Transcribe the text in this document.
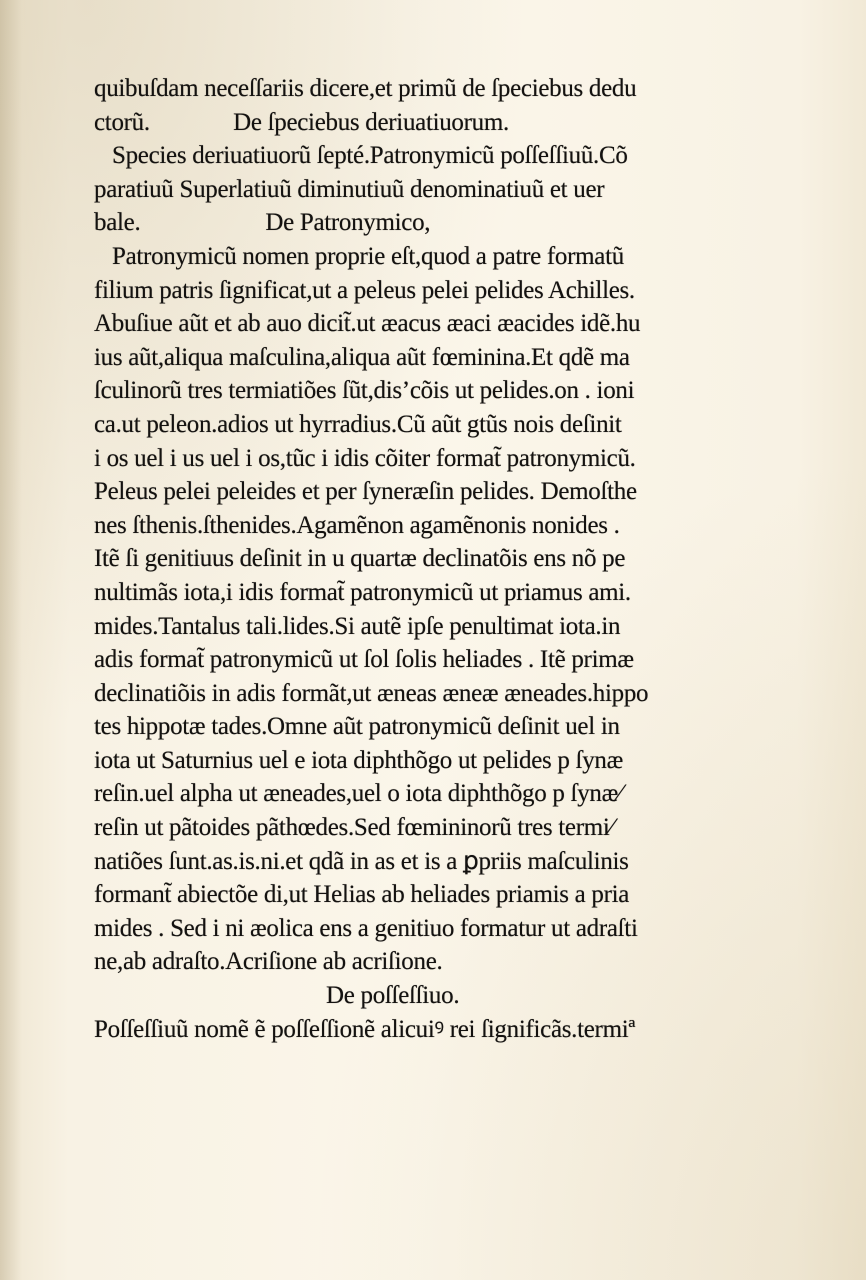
quibuſdam neceſſariis dicere,et primũ de ſpeciebus dedu
ctorũ.              De ſpeciebus deriuatiuorum.
Species deriuatiuorũ ſepté.Patronymicũ poſſeſſiuũ.Cõ
paratiuũ Superlatiuũ diminutiuũ denominatiuũ et uer
bale.                     De Patronymico,
Patronymicũ nomen proprie eſt,quod a patre formatũ
filium patris ſignificat,ut a peleus pelei pelides Achilles.
Abuſiue aũt et ab auo dicit̃.ut æacus æaci æacides idẽ.hu
ius aũt,aliqua maſculina,aliqua aũt fœminina.Et qdẽ ma
ſculinorũ tres termiatiões ſũt,dis’cõis ut pelides.on . ioni
ca.ut peleon.adios ut hyrradius.Cũ aũt gtũs nois deſinit
i os uel i us uel i os,tũc i idis cõiter format̃ patronymicũ.
Peleus pelei peleides et per ſyneræſin pelides. Demoſthe
nes ſthenis.ſthenides.Agamẽnon agamẽnonis nonides .
Itẽ ſi genitiuus deſinit in u quartæ declinatõis ens nõ pe
nultimãs iota,i idis format̃ patronymicũ ut priamus ami.
mides.Tantalus tali.lides.Si autẽ ipſe penultimat iota.in
adis format̃ patronymicũ ut ſol ſolis heliades . Itẽ primæ
declinatiõis in adis formãt,ut æneas æneæ æneades.hippo
tes hippotæ tades.Omne aũt patronymicũ deſinit uel in
iota ut Saturnius uel e iota diphthõgo ut pelides p ſynæ
reſin.uel alpha ut æneades,uel o iota diphthõgo p ſynæ⁄
reſin ut pãtoides pãthœdes.Sed fœmininorũ tres termi⁄
natiões ſunt.as.is.ni.et qdã in as et is a ꝑpriis maſculinis
formant̃ abiectõe di,ut Helias ab heliades priamis a pria
mides . Sed i ni æolica ens a genitiuo formatur ut adraſti
ne,ab adraſto.Acriſione ab acriſione.
De poſſeſſiuo.
Poſſeſſiuũ nomẽ ẽ poſſeſſionẽ alicuiꝰ rei ſignificãs.termiª
